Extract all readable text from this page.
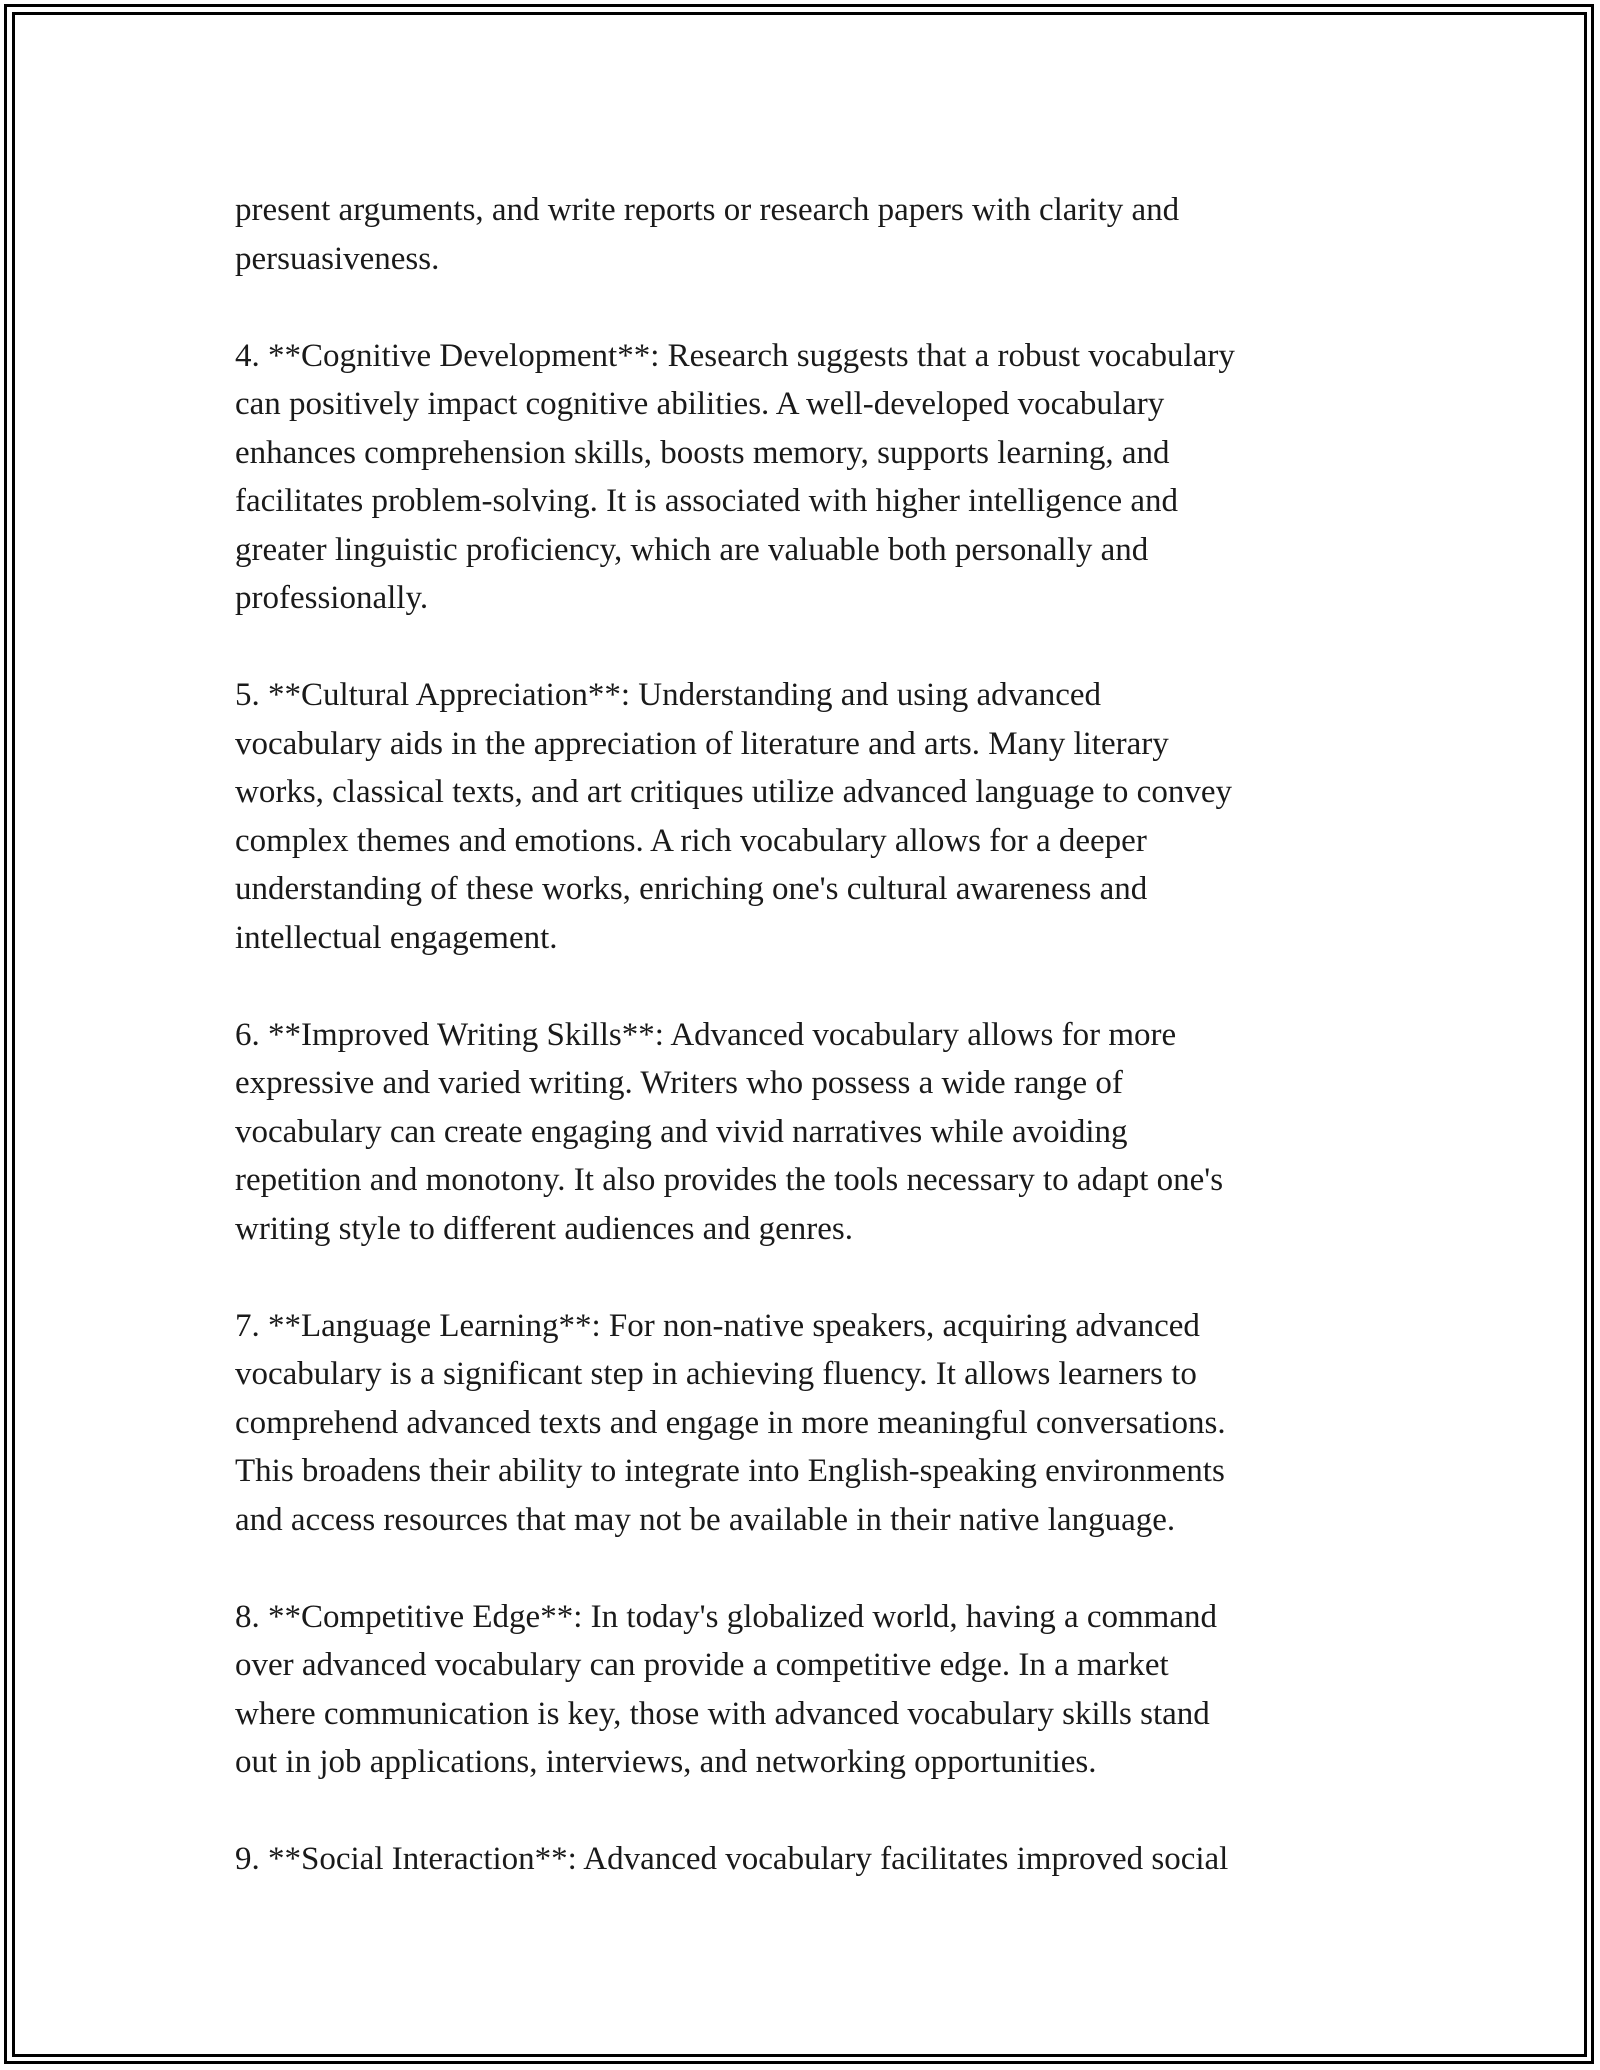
present arguments, and write reports or research papers with clarity and
persuasiveness.
4. **Cognitive Development**: Research suggests that a robust vocabulary
can positively impact cognitive abilities. A well-developed vocabulary
enhances comprehension skills, boosts memory, supports learning, and
facilitates problem-solving. It is associated with higher intelligence and
greater linguistic proficiency, which are valuable both personally and
professionally.
5. **Cultural Appreciation**: Understanding and using advanced
vocabulary aids in the appreciation of literature and arts. Many literary
works, classical texts, and art critiques utilize advanced language to convey
complex themes and emotions. A rich vocabulary allows for a deeper
understanding of these works, enriching one's cultural awareness and
intellectual engagement.
6. **Improved Writing Skills**: Advanced vocabulary allows for more
expressive and varied writing. Writers who possess a wide range of
vocabulary can create engaging and vivid narratives while avoiding
repetition and monotony. It also provides the tools necessary to adapt one's
writing style to different audiences and genres.
7. **Language Learning**: For non-native speakers, acquiring advanced
vocabulary is a significant step in achieving fluency. It allows learners to
comprehend advanced texts and engage in more meaningful conversations.
This broadens their ability to integrate into English-speaking environments
and access resources that may not be available in their native language.
8. **Competitive Edge**: In today's globalized world, having a command
over advanced vocabulary can provide a competitive edge. In a market
where communication is key, those with advanced vocabulary skills stand
out in job applications, interviews, and networking opportunities.
9. **Social Interaction**: Advanced vocabulary facilitates improved social
